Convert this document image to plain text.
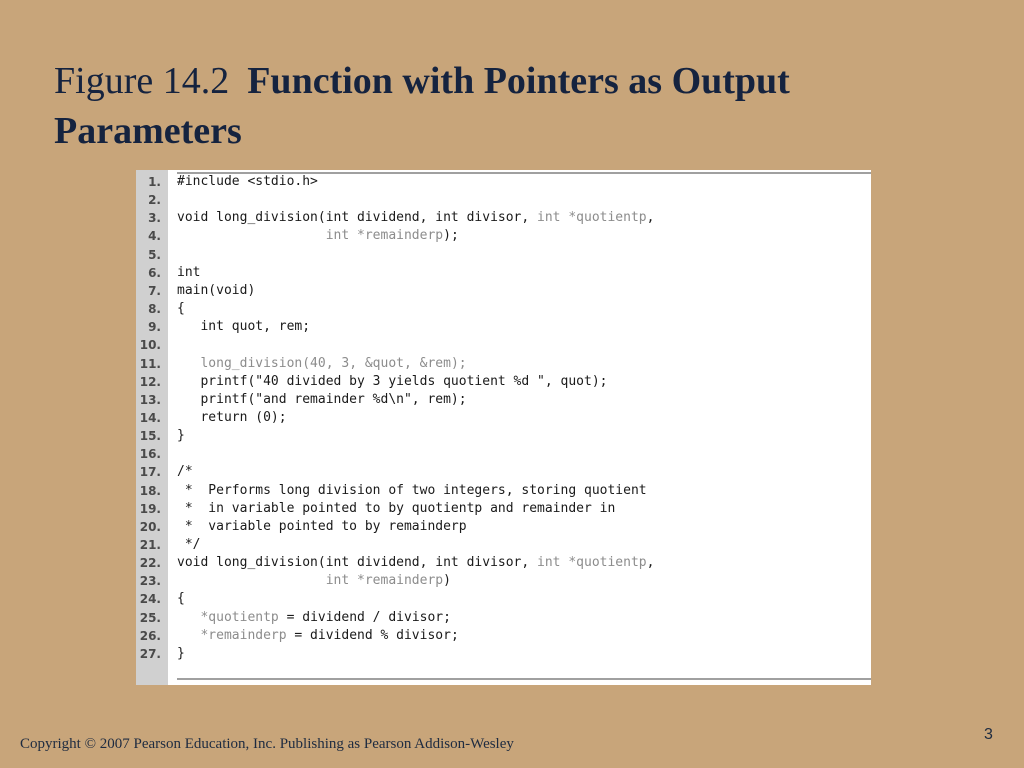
Figure 14.2 Function with Pointers as Output Parameters
1. #include <stdio.h>
2.
3. void long_division(int dividend, int divisor, int *quotientp,
4.	int *remainderp);
5.
6. int
7. main(void)
8. {
9. int quot, rem;
10.
11.	long_division(40, 3, &quot, &rem);
12. printf("40 divided by 3 yields quotient %d ", quot);
13. printf("and remainder %d\n", rem);
14. return (0);
15. }
16.
17. /*
18. *  Performs long division of two integers, storing quotient
19. *  in variable pointed to by quotientp and remainder in
20. *  variable pointed to by remainderp
21. */
22. void long_division(int dividend, int divisor, int *quotientp,
23.	int *remainderp)
24. {
25.	*quotientp = dividend / divisor;
26.	*remainderp = dividend % divisor;
27. }
Copyright © 2007 Pearson Education, Inc. Publishing as Pearson Addison-Wesley
3
